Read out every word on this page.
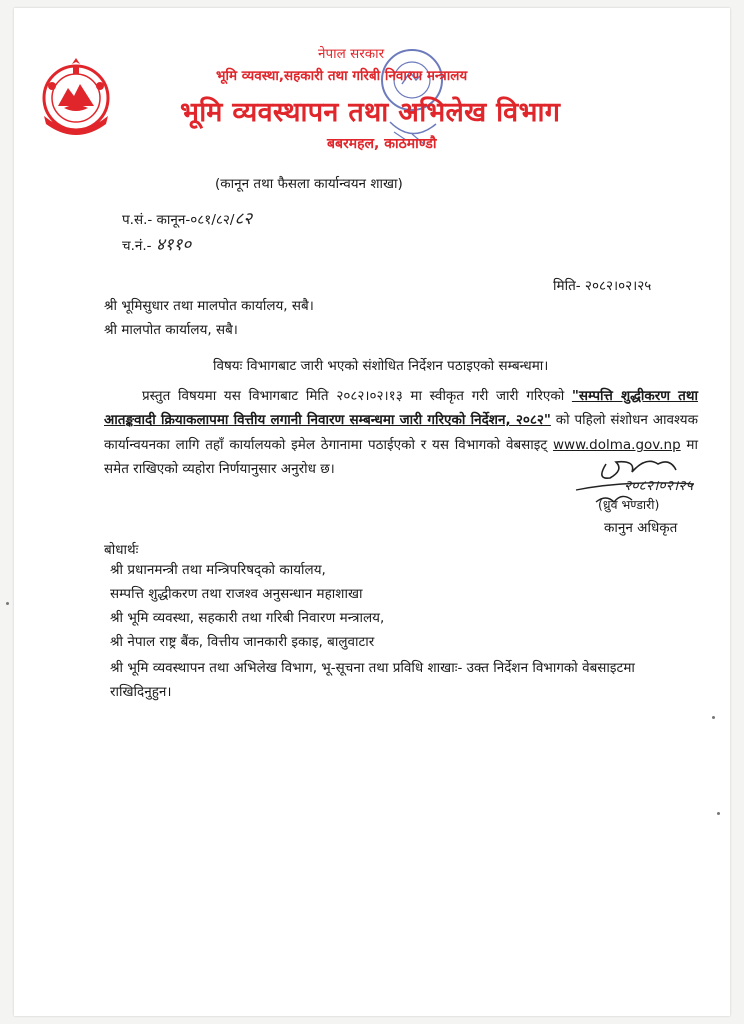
नेपाल सरकार
भूमि व्यवस्था,सहकारी तथा गरिबी निवारण मन्त्रालय
भूमि व्यवस्थापन तथा अभिलेख विभाग
बबरमहल, काठमाण्डौ
(कानून तथा फैसला कार्यान्वयन शाखा)
प.सं.- कानून-०८१/८२/८२
च.नं.- ४११०
मिति- २०८२।०२।२५
श्री भूमिसुधार तथा मालपोत कार्यालय, सबै।
श्री मालपोत कार्यालय, सबै।
विषयः विभागबाट जारी भएको संशोधित निर्देशन पठाइएको सम्बन्धमा।
प्रस्तुत विषयमा यस विभागबाट मिति २०८२।०२।१३ मा स्वीकृत गरी जारी गरिएको "सम्पत्ति शुद्धीकरण तथा आतङ्कवादी क्रियाकलापमा वित्तीय लगानी निवारण सम्बन्धमा जारी गरिएको निर्देशन, २०८२" को पहिलो संशोधन आवश्यक कार्यान्वयनका लागि तहाँ कार्यालयको इमेल ठेगानामा पठाईएको र यस विभागको वेबसाइट् www.dolma.gov.np मा समेत राखिएको व्यहोरा निर्णयानुसार अनुरोध छ।
२०८२।०२।२५
(ध्रुव भण्डारी)
कानुन अधिकृत
बोधार्थः
श्री प्रधानमन्त्री तथा मन्त्रिपरिषद्को कार्यालय,
सम्पत्ति शुद्धीकरण तथा राजश्व अनुसन्धान महाशाखा
श्री भूमि व्यवस्था, सहकारी तथा गरिबी निवारण मन्त्रालय,
श्री नेपाल राष्ट्र बैंक, वित्तीय जानकारी इकाइ, बालुवाटार
श्री भूमि व्यवस्थापन तथा अभिलेख विभाग, भू-सूचना तथा प्रविधि शाखाः- उक्त निर्देशन विभागको वेबसाइटमा राखिदिनुहुन।
